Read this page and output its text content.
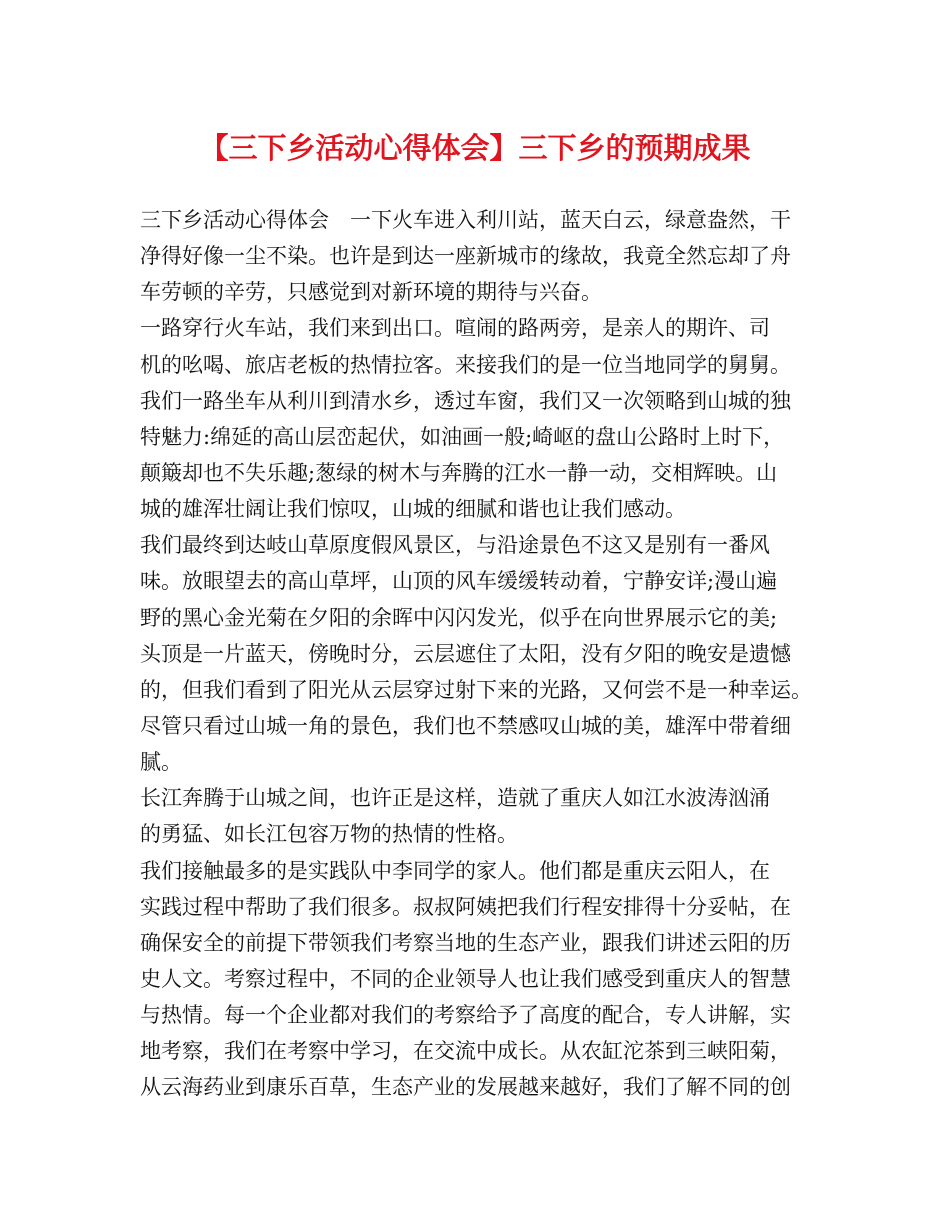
【三下乡活动心得体会】三下乡的预期成果
三下乡活动心得体会　一下火车进入利川站，蓝天白云，绿意盎然，干
净得好像一尘不染。也许是到达一座新城市的缘故，我竟全然忘却了舟
车劳顿的辛劳，只感觉到对新环境的期待与兴奋。
一路穿行火车站，我们来到出口。喧闹的路两旁，是亲人的期许、司
机的吆喝、旅店老板的热情拉客。来接我们的是一位当地同学的舅舅。
我们一路坐车从利川到清水乡，透过车窗，我们又一次领略到山城的独
特魅力:绵延的高山层峦起伏，如油画一般;崎岖的盘山公路时上时下，
颠簸却也不失乐趣;葱绿的树木与奔腾的江水一静一动，交相辉映。山
城的雄浑壮阔让我们惊叹，山城的细腻和谐也让我们感动。
我们最终到达岐山草原度假风景区，与沿途景色不这又是别有一番风
味。放眼望去的高山草坪，山顶的风车缓缓转动着，宁静安详;漫山遍
野的黑心金光菊在夕阳的余晖中闪闪发光，似乎在向世界展示它的美;
头顶是一片蓝天，傍晚时分，云层遮住了太阳，没有夕阳的晚安是遗憾
的，但我们看到了阳光从云层穿过射下来的光路，又何尝不是一种幸运。
尽管只看过山城一角的景色，我们也不禁感叹山城的美，雄浑中带着细
腻。
长江奔腾于山城之间，也许正是这样，造就了重庆人如江水波涛汹涌
的勇猛、如长江包容万物的热情的性格。
我们接触最多的是实践队中李同学的家人。他们都是重庆云阳人，在
实践过程中帮助了我们很多。叔叔阿姨把我们行程安排得十分妥帖，在
确保安全的前提下带领我们考察当地的生态产业，跟我们讲述云阳的历
史人文。考察过程中，不同的企业领导人也让我们感受到重庆人的智慧
与热情。每一个企业都对我们的考察给予了高度的配合，专人讲解，实
地考察，我们在考察中学习，在交流中成长。从农缸沱茶到三峡阳菊，
从云海药业到康乐百草，生态产业的发展越来越好，我们了解不同的创
